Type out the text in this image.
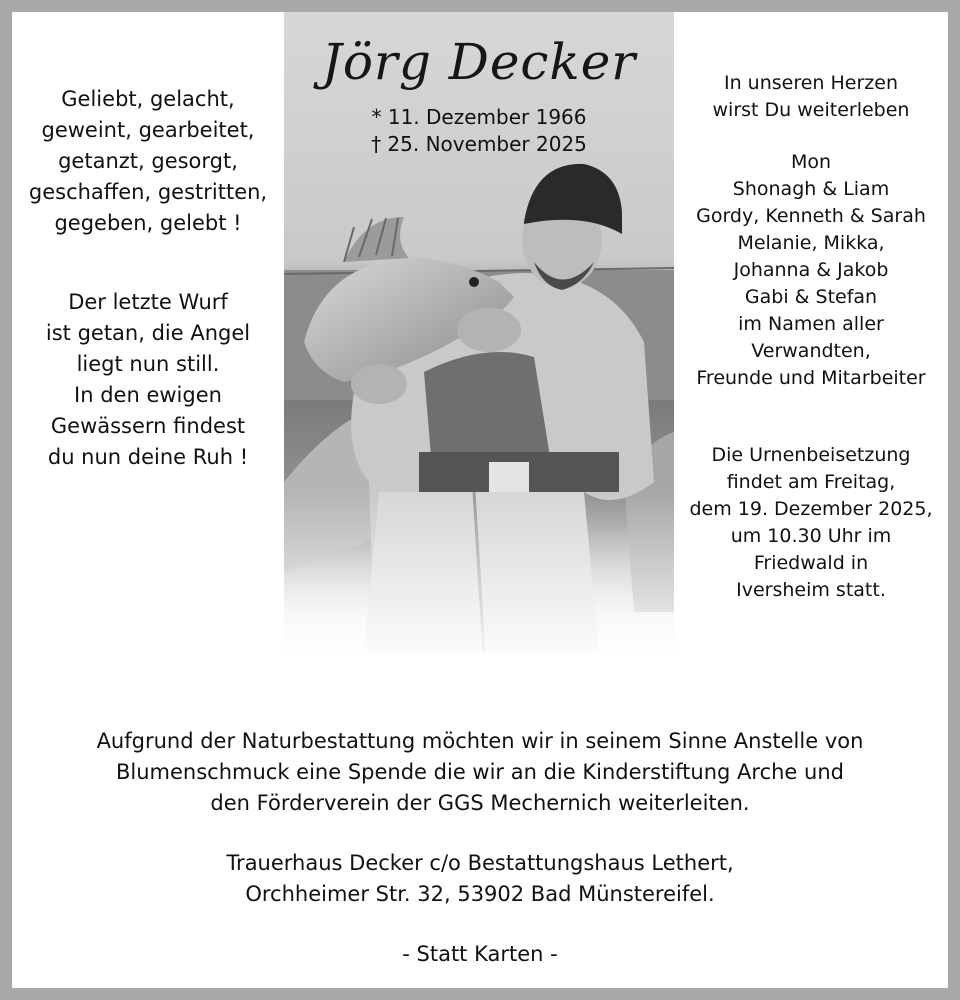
Jörg Decker
* 11. Dezember 1966
† 25. November 2025
Geliebt, gelacht,
geweint, gearbeitet,
getanzt, gesorgt,
geschaffen, gestritten,
gegeben, gelebt !
Der letzte Wurf
ist getan, die Angel
liegt nun still.
In den ewigen
Gewässern findest
du nun deine Ruh !
In unseren Herzen
wirst Du weiterleben
Mon
Shonagh & Liam
Gordy, Kenneth & Sarah
Melanie, Mikka,
Johanna & Jakob
Gabi & Stefan
im Namen aller
Verwandten,
Freunde und Mitarbeiter
Die Urnenbeisetzung
findet am Freitag,
dem 19. Dezember 2025,
um 10.30 Uhr im
Friedwald in
Iversheim statt.
Aufgrund der Naturbestattung möchten wir in seinem Sinne Anstelle von
Blumenschmuck eine Spende die wir an die Kinderstiftung Arche und
den Förderverein der GGS Mechernich weiterleiten.
Trauerhaus Decker c/o Bestattungshaus Lethert,
Orchheimer Str. 32, 53902 Bad Münstereifel.
- Statt Karten -
